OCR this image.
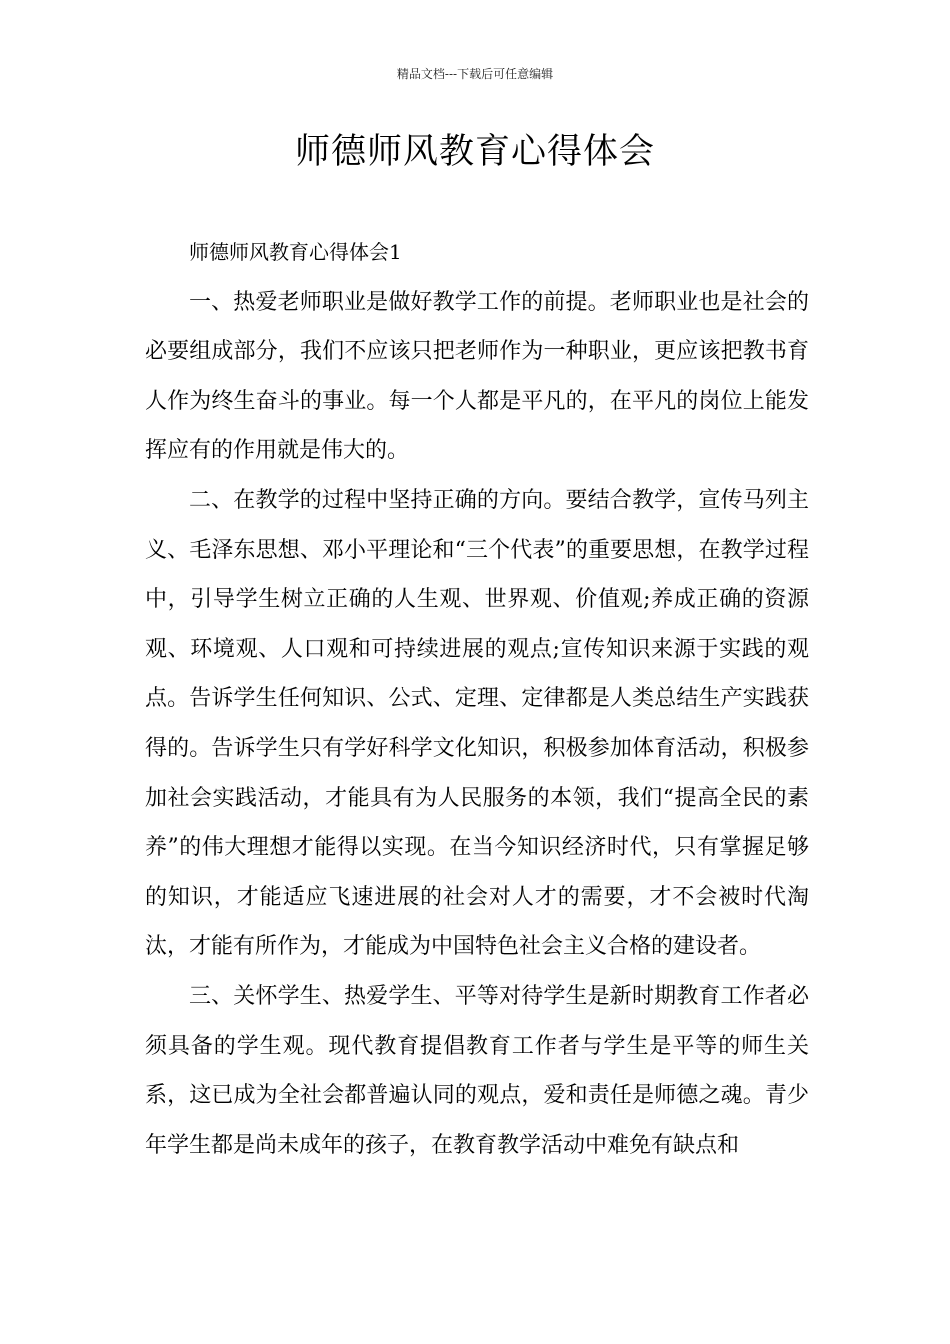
精品文档---下载后可任意编辑
师德师风教育心得体会

师德师风教育心得体会1

一、热爱老师职业是做好教学工作的前提。老师职业也是社会的必要组成部分，我们不应该只把老师作为一种职业，更应该把教书育人作为终生奋斗的事业。每一个人都是平凡的，在平凡的岗位上能发挥应有的作用就是伟大的。

二、在教学的过程中坚持正确的方向。要结合教学，宣传马列主义、毛泽东思想、邓小平理论和“三个代表”的重要思想，在教学过程中，引导学生树立正确的人生观、世界观、价值观;养成正确的资源观、环境观、人口观和可持续进展的观点;宣传知识来源于实践的观点。告诉学生任何知识、公式、定理、定律都是人类总结生产实践获得的。告诉学生只有学好科学文化知识，积极参加体育活动，积极参加社会实践活动，才能具有为人民服务的本领，我们“提高全民的素养”的伟大理想才能得以实现。在当今知识经济时代，只有掌握足够的知识，才能适应飞速进展的社会对人才的需要，才不会被时代淘汰，才能有所作为，才能成为中国特色社会主义合格的建设者。

三、关怀学生、热爱学生、平等对待学生是新时期教育工作者必须具备的学生观。现代教育提倡教育工作者与学生是平等的师生关系，这已成为全社会都普遍认同的观点，爱和责任是师德之魂。青少年学生都是尚未成年的孩子，在教育教学活动中难免有缺点和
